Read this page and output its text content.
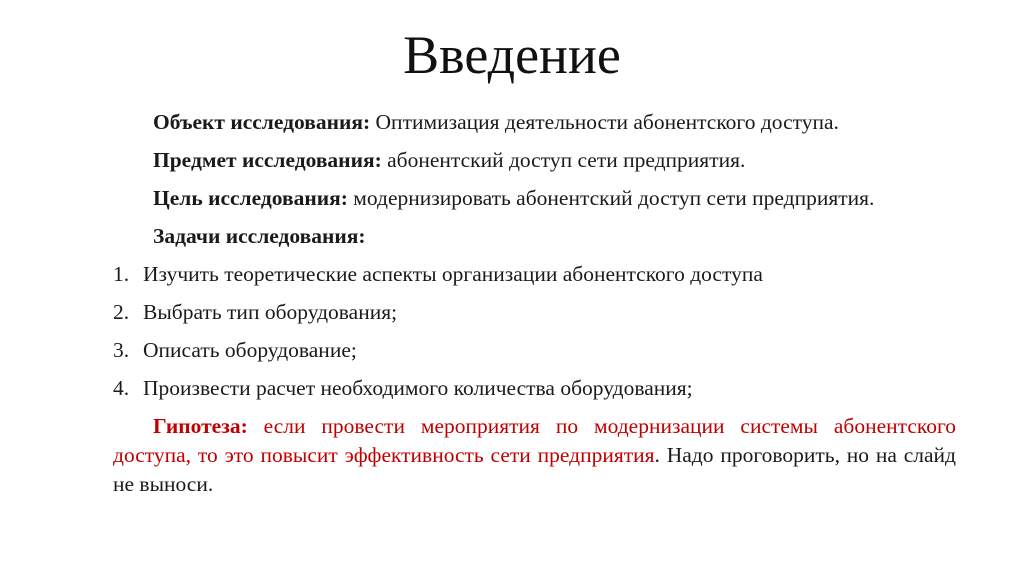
Введение

Объект исследования: Оптимизация деятельности абонентского доступа.

Предмет исследования: абонентский доступ сети предприятия.

Цель исследования: модернизировать абонентский доступ сети предприятия.

Задачи исследования:

1. Изучить теоретические аспекты организации абонентского доступа
2. Выбрать тип оборудования;
3. Описать оборудование;
4. Произвести расчет необходимого количества оборудования;

Гипотеза: если провести мероприятия по модернизации системы абонентского доступа, то это повысит эффективность сети предприятия. Надо проговорить, но на слайд не выноси.
